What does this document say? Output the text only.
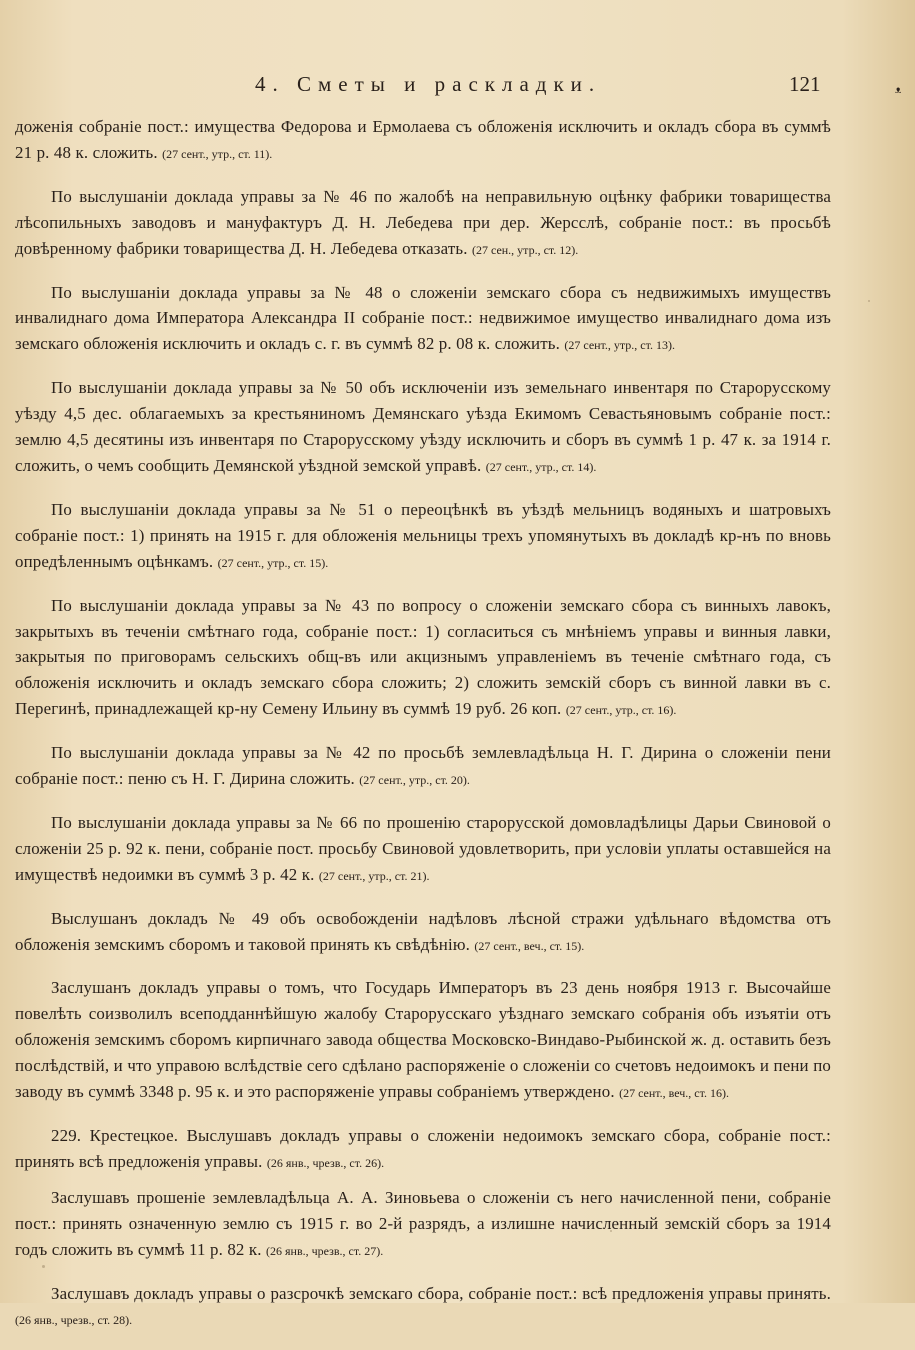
4. Сметы и раскладки.	121	ᴥ

доженія собраніе пост.: имущества Федорова и Ермолаева съ обложенія исключить и окладъ сбора въ суммѣ 21 р. 48 к. сложить. (27 сент., утр., ст. 11).

По выслушаніи доклада управы за № 46 по жалобѣ на неправильную оцѣнку фабрики товарищества лѣсопильныхъ заводовъ и мануфактуръ Д. Н. Лебедева при дер. Жерсслѣ, собраніе пост.: въ просьбѣ довѣренному фабрики товарищества Д. Н. Лебедева отказать. (27 сен., утр., ст. 12).

По выслушаніи доклада управы за № 48 о сложеніи земскаго сбора съ недвижимыхъ имуществъ инвалиднаго дома Императора Александра II собраніе пост.: недвижимое имущество инвалиднаго дома изъ земскаго обложенія исключить и окладъ с. г. въ суммѣ 82 р. 08 к. сложить. (27 сент., утр., ст. 13).

По выслушаніи доклада управы за № 50 объ исключеніи изъ земельнаго инвентаря по Старорусскому уѣзду 4,5 дес. облагаемыхъ за крестьяниномъ Демянскаго уѣзда Екимомъ Севастьяновымъ собраніе пост.: землю 4,5 десятины изъ инвентаря по Старорусскому уѣзду исключить и сборъ въ суммѣ 1 р. 47 к. за 1914 г. сложить, о чемъ сообщить Демянской уѣздной земской управѣ. (27 сент., утр., ст. 14).

По выслушаніи доклада управы за № 51 о переоцѣнкѣ въ уѣздѣ мельницъ водяныхъ и шатровыхъ собраніе пост.: 1) принять на 1915 г. для обложенія мельницы трехъ упомянутыхъ въ докладѣ кр-нъ по вновь опредѣленнымъ оцѣнкамъ. (27 сент., утр., ст. 15).

По выслушаніи доклада управы за № 43 по вопросу о сложеніи земскаго сбора съ винныхъ лавокъ, закрытыхъ въ теченіи смѣтнаго года, собраніе пост.: 1) согласиться съ мнѣніемъ управы и винныя лавки, закрытыя по приговорамъ сельскихъ общ-въ или акцизнымъ управленіемъ въ теченіе смѣтнаго года, съ обложенія исключить и окладъ земскаго сбора сложить; 2) сложить земскій сборъ съ винной лавки въ с. Перегинѣ, принадлежащей кр-ну Семену Ильину въ суммѣ 19 руб. 26 коп. (27 сент., утр., ст. 16).

По выслушаніи доклада управы за № 42 по просьбѣ землевладѣльца Н. Г. Дирина о сложеніи пени собраніе пост.: пеню съ Н. Г. Дирина сложить. (27 сент., утр., ст. 20).

По выслушаніи доклада управы за № 66 по прошенію старорусской домовладѣлицы Дарьи Свиновой о сложеніи 25 р. 92 к. пени, собраніе пост. просьбу Свиновой удовлетворить, при условіи уплаты оставшейся на имуществѣ недоимки въ суммѣ 3 р. 42 к. (27 сент., утр., ст. 21).

Выслушанъ докладъ № 49 объ освобожденіи надѣловъ лѣсной стражи удѣльнаго вѣдомства отъ обложенія земскимъ сборомъ и таковой принять къ свѣдѣнію. (27 сент., веч., ст. 15).

Заслушанъ докладъ управы о томъ, что Государь Императоръ въ 23 день ноября 1913 г. Высочайше повелѣть соизволилъ всеподданнѣйшую жалобу Старорусскаго уѣзднаго земскаго собранія объ изъятіи отъ обложенія земскимъ сборомъ кирпичнаго завода общества Московско-Виндаво-Рыбинской ж. д. оставить безъ послѣдствій, и что управою вслѣдствіе сего сдѣлано распоряженіе о сложеніи со счетовъ недоимокъ и пени по заводу въ суммѣ 3348 р. 95 к. и это распоряженіе управы собраніемъ утверждено. (27 сент., веч., ст. 16).

229. Крестецкое. Выслушавъ докладъ управы о сложеніи недоимокъ земскаго сбора, собраніе пост.: принять всѣ предложенія управы. (26 янв., чрезв., ст. 26).

Заслушавъ прошеніе землевладѣльца А. А. Зиновьева о сложеніи съ него начисленной пени, собраніе пост.: принять означенную землю съ 1915 г. во 2-й разрядъ, а излишне начисленный земскій сборъ за 1914 годъ сложить въ суммѣ 11 р. 82 к. (26 янв., чрезв., ст. 27).

Заслушавъ докладъ управы о разсрочкѣ земскаго сбора, собраніе пост.: всѣ предложенія управы принять. (26 янв., чрезв., ст. 28).
